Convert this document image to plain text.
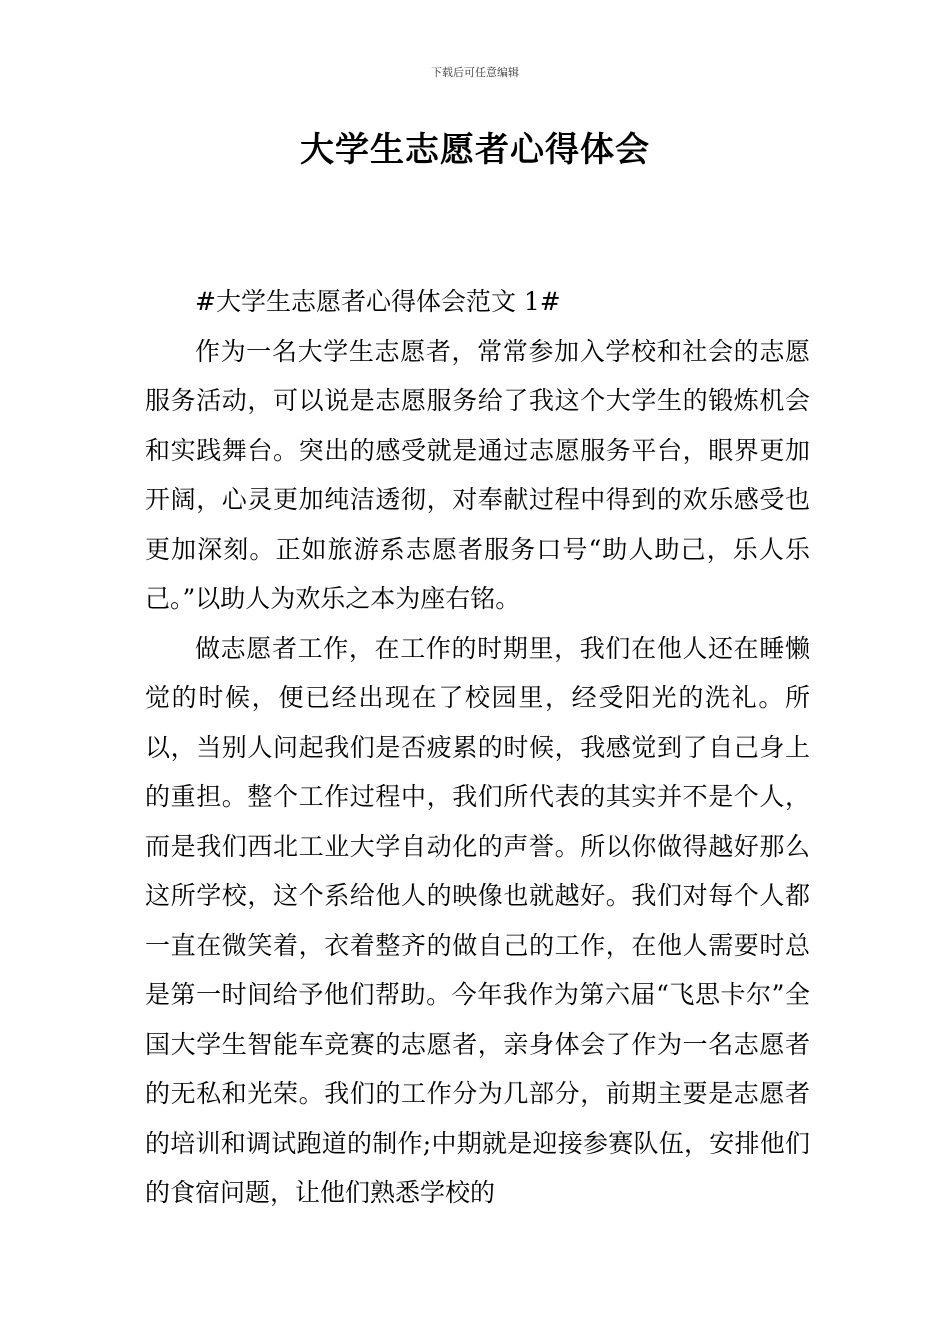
下载后可任意编辑
大学生志愿者心得体会

#大学生志愿者心得体会范文 1#

作为一名大学生志愿者，常常参加入学校和社会的志愿服务活动，可以说是志愿服务给了我这个大学生的锻炼机会和实践舞台。突出的感受就是通过志愿服务平台，眼界更加开阔，心灵更加纯洁透彻，对奉献过程中得到的欢乐感受也更加深刻。正如旅游系志愿者服务口号“助人助己，乐人乐己。”以助人为欢乐之本为座右铭。

做志愿者工作，在工作的时期里，我们在他人还在睡懒觉的时候，便已经出现在了校园里，经受阳光的洗礼。所以，当别人问起我们是否疲累的时候，我感觉到了自己身上的重担。整个工作过程中，我们所代表的其实并不是个人，而是我们西北工业大学自动化的声誉。所以你做得越好那么这所学校，这个系给他人的映像也就越好。我们对每个人都一直在微笑着，衣着整齐的做自己的工作，在他人需要时总是第一时间给予他们帮助。今年我作为第六届“飞思卡尔”全国大学生智能车竞赛的志愿者，亲身体会了作为一名志愿者的无私和光荣。我们的工作分为几部分，前期主要是志愿者的培训和调试跑道的制作;中期就是迎接参赛队伍，安排他们的食宿问题，让他们熟悉学校的
